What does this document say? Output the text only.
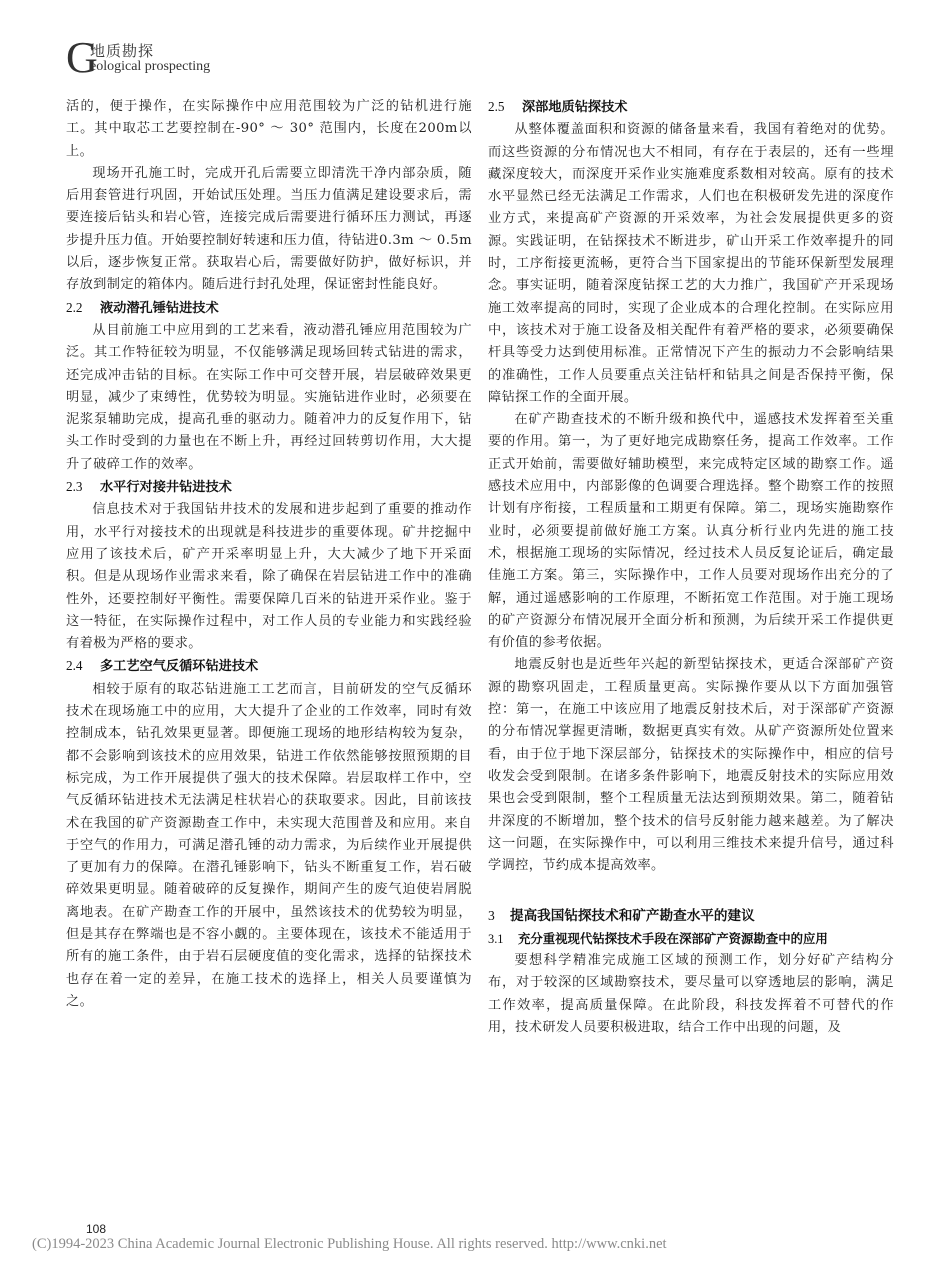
G
地质勘探
eological prospecting

活的，便于操作，在实际操作中应用范围较为广泛的钻机进行施工。其中取芯工艺要控制在-90° ～ 30° 范围内，长度在200m以上。

现场开孔施工时，完成开孔后需要立即清洗干净内部杂质，随后用套管进行巩固，开始试压处理。当压力值满足建设要求后，需要连接后钻头和岩心管，连接完成后需要进行循环压力测试，再逐步提升压力值。开始要控制好转速和压力值，待钻进0.3m ～ 0.5m以后，逐步恢复正常。获取岩心后，需要做好防护，做好标识，并存放到制定的箱体内。随后进行封孔处理，保证密封性能良好。

2.2 液动潜孔锤钻进技术

从目前施工中应用到的工艺来看，液动潜孔锤应用范围较为广泛。其工作特征较为明显，不仅能够满足现场回转式钻进的需求，还完成冲击钻的目标。在实际工作中可交替开展，岩层破碎效果更明显，减少了束缚性，优势较为明显。实施钻进作业时，必须要在泥浆泵辅助完成，提高孔垂的驱动力。随着冲力的反复作用下，钻头工作时受到的力量也在不断上升，再经过回转剪切作用，大大提升了破碎工作的效率。

2.3 水平行对接井钻进技术

信息技术对于我国钻井技术的发展和进步起到了重要的推动作用，水平行对接技术的出现就是科技进步的重要体现。矿井挖掘中应用了该技术后，矿产开采率明显上升，大大减少了地下开采面积。但是从现场作业需求来看，除了确保在岩层钻进工作中的准确性外，还要控制好平衡性。需要保障几百米的钻进开采作业。鉴于这一特征，在实际操作过程中，对工作人员的专业能力和实践经验有着极为严格的要求。

2.4 多工艺空气反循环钻进技术

相较于原有的取芯钻进施工工艺而言，目前研发的空气反循环技术在现场施工中的应用，大大提升了企业的工作效率，同时有效控制成本，钻孔效果更显著。即便施工现场的地形结构较为复杂，都不会影响到该技术的应用效果，钻进工作依然能够按照预期的目标完成，为工作开展提供了强大的技术保障。岩层取样工作中，空气反循环钻进技术无法满足柱状岩心的获取要求。因此，目前该技术在我国的矿产资源勘查工作中，未实现大范围普及和应用。来自于空气的作用力，可满足潜孔锤的动力需求，为后续作业开展提供了更加有力的保障。在潜孔锤影响下，钻头不断重复工作，岩石破碎效果更明显。随着破碎的反复操作，期间产生的废气迫使岩屑脱离地表。在矿产勘查工作的开展中，虽然该技术的优势较为明显，但是其存在弊端也是不容小觑的。主要体现在，该技术不能适用于所有的施工条件，由于岩石层硬度值的变化需求，选择的钻探技术也存在着一定的差异，在施工技术的选择上，相关人员要谨慎为之。

2.5 深部地质钻探技术

从整体覆盖面积和资源的储备量来看，我国有着绝对的优势。而这些资源的分布情况也大不相同，有存在于表层的，还有一些埋藏深度较大，而深度开采作业实施难度系数相对较高。原有的技术水平显然已经无法满足工作需求，人们也在积极研发先进的深度作业方式，来提高矿产资源的开采效率，为社会发展提供更多的资源。实践证明，在钻探技术不断进步，矿山开采工作效率提升的同时，工序衔接更流畅，更符合当下国家提出的节能环保新型发展理念。事实证明，随着深度钻探工艺的大力推广，我国矿产开采现场施工效率提高的同时，实现了企业成本的合理化控制。在实际应用中，该技术对于施工设备及相关配件有着严格的要求，必须要确保杆具等受力达到使用标准。正常情况下产生的振动力不会影响结果的准确性，工作人员要重点关注钻杆和钻具之间是否保持平衡，保障钻探工作的全面开展。

在矿产勘查技术的不断升级和换代中，遥感技术发挥着至关重要的作用。第一，为了更好地完成勘察任务，提高工作效率。工作正式开始前，需要做好辅助模型，来完成特定区域的勘察工作。遥感技术应用中，内部影像的色调要合理选择。整个勘察工作的按照计划有序衔接，工程质量和工期更有保障。第二，现场实施勘察作业时，必须要提前做好施工方案。认真分析行业内先进的施工技术，根据施工现场的实际情况，经过技术人员反复论证后，确定最佳施工方案。第三，实际操作中，工作人员要对现场作出充分的了解，通过遥感影响的工作原理，不断拓宽工作范围。对于施工现场的矿产资源分布情况展开全面分析和预测，为后续开采工作提供更有价值的参考依据。

地震反射也是近些年兴起的新型钻探技术，更适合深部矿产资源的勘察巩固走，工程质量更高。实际操作要从以下方面加强管控：第一，在施工中该应用了地震反射技术后，对于深部矿产资源的分布情况掌握更清晰，数据更真实有效。从矿产资源所处位置来看，由于位于地下深层部分，钻探技术的实际操作中，相应的信号收发会受到限制。在诸多条件影响下，地震反射技术的实际应用效果也会受到限制，整个工程质量无法达到预期效果。第二，随着钻井深度的不断增加，整个技术的信号反射能力越来越差。为了解决这一问题，在实际操作中，可以利用三维技术来提升信号，通过科学调控，节约成本提高效率。

3 提高我国钻探技术和矿产勘查水平的建议
3.1 充分重视现代钻探技术手段在深部矿产资源勘查中的应用

要想科学精准完成施工区域的预测工作，划分好矿产结构分布，对于较深的区域勘察技术，要尽量可以穿透地层的影响，满足工作效率，提高质量保障。在此阶段，科技发挥着不可替代的作用，技术研发人员要积极进取，结合工作中出现的问题，及

108
(C)1994-2023 China Academic Journal Electronic Publishing House. All rights reserved. http://www.cnki.net
